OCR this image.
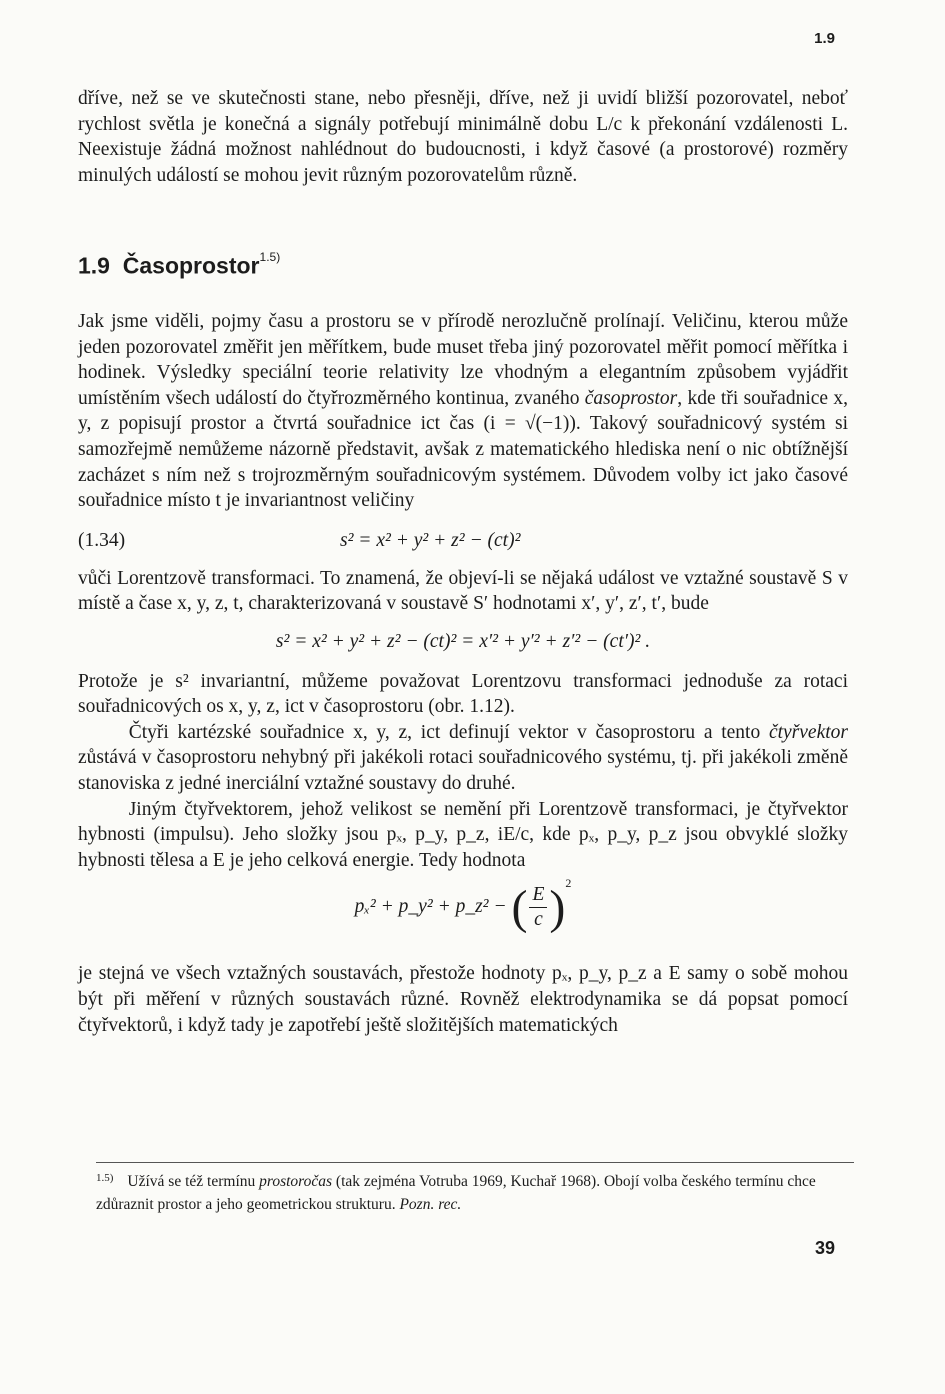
1.9

dříve, než se ve skutečnosti stane, nebo přesněji, dříve, než ji uvidí bližší pozorovatel, neboť rychlost světla je konečná a signály potřebují minimálně dobu L/c k překonání vzdálenosti L. Neexistuje žádná možnost nahlédnout do budoucnosti, i když časové (a prostorové) rozměry minulých událostí se mohou jevit různým pozorovatelům různě.

1.9 Časoprostor$^{1.5)}$

Jak jsme viděli, pojmy času a prostoru se v přírodě nerozlučně prolínají. Veličinu, kterou může jeden pozorovatel změřit jen měřítkem, bude muset třeba jiný pozorovatel měřit pomocí měřítka i hodinek. Výsledky speciální teorie relativity lze vhodným a elegantním způsobem vyjádřit umístěním všech událostí do čtyřrozměrného kontinua, zvaného časoprostor, kde tři souřadnice x, y, z popisují prostor a čtvrtá souřadnice ict čas (i = √(−1)). Takový souřadnicový systém si samozřejmě nemůžeme názorně představit, avšak z matematického hlediska není o nic obtížnější zacházet s ním než s trojrozměrným souřadnicovým systémem. Důvodem volby ict jako časové souřadnice místo t je invariantnost veličiny

(1.34)	s² = x² + y² + z² − (ct)²

vůči Lorentzově transformaci. To znamená, že objeví-li se nějaká událost ve vztažné soustavě S v místě a čase x, y, z, t, charakterizovaná v soustavě S′ hodnotami x′, y′, z′, t′, bude

s² = x² + y² + z² − (ct)² = x′² + y′² + z′² − (ct′)² .

Protože je s² invariantní, můžeme považovat Lorentzovu transformaci jednoduše za rotaci souřadnicových os x, y, z, ict v časoprostoru (obr. 1.12).

Čtyři kartézské souřadnice x, y, z, ict definují vektor v časoprostoru a tento čtyřvektor zůstává v časoprostoru nehybný při jakékoli rotaci souřadnicového systému, tj. při jakékoli změně stanoviska z jedné inerciální vztažné soustavy do druhé.

Jiným čtyřvektorem, jehož velikost se nemění při Lorentzově transformaci, je čtyřvektor hybnosti (impulsu). Jeho složky jsou pₓ, p_y, p_z, iE/c, kde pₓ, p_y, p_z jsou obvyklé složky hybnosti tělesa a E je jeho celková energie. Tedy hodnota

pₓ² + p_y² + p_z² − ( $\frac{E}{c}$ ) 2

je stejná ve všech vztažných soustavách, přestože hodnoty pₓ, p_y, p_z a E samy o sobě mohou být při měření v různých soustavách různé. Rovněž elektrodynamika se dá popsat pomocí čtyřvektorů, i když tady je zapotřebí ještě složitějších matematických

$^{1.5)}$ Užívá se též termínu prostoročas (tak zejména Votruba 1969, Kuchař 1968). Obojí volba českého termínu chce zdůraznit prostor a jeho geometrickou strukturu. Pozn. rec.
39
